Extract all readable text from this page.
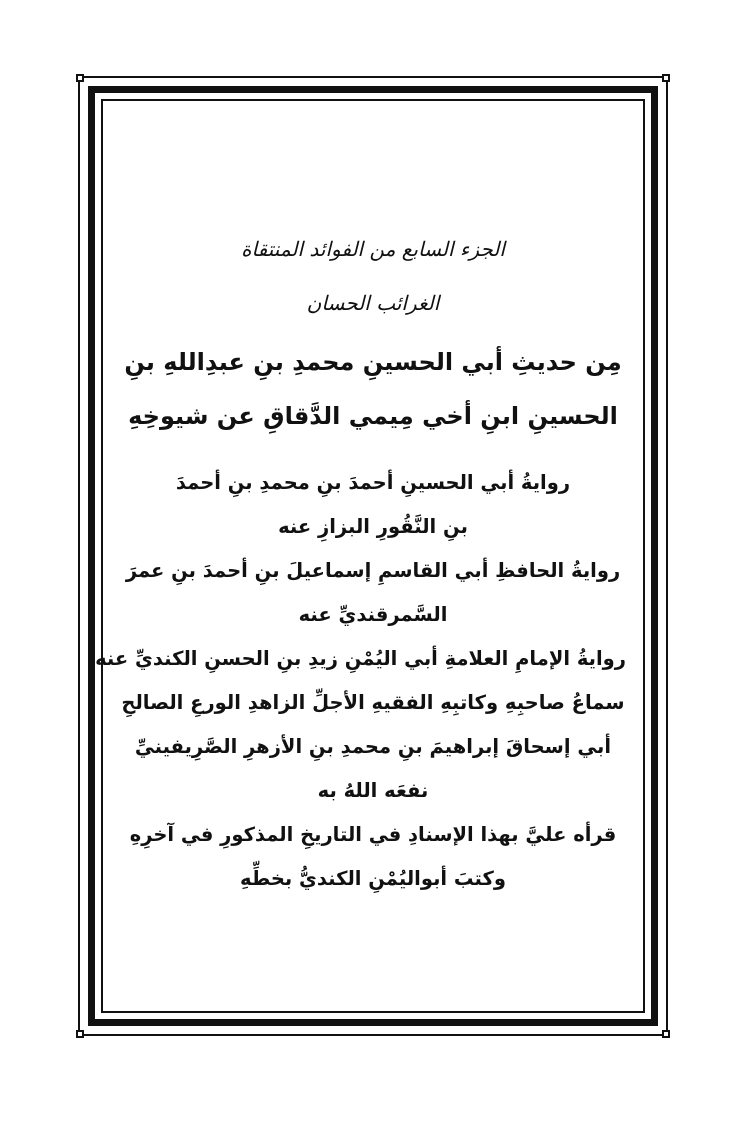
الجزء السابع من الفوائد المنتقاة
الغرائب الحسان
مِن حديثِ أبي الحسينِ محمدِ بنِ عبدِاللهِ بنِ
الحسينِ ابنِ أخي مِيمي الدَّقاقِ عن شيوخِهِ
روايةُ أبي الحسينِ أحمدَ بنِ محمدِ بنِ أحمدَ
بنِ النَّقُورِ البزازِ عنه
روايةُ الحافظِ أبي القاسمِ إسماعيلَ بنِ أحمدَ بنِ عمرَ
السَّمرقنديِّ عنه
روايةُ الإمامِ العلامةِ أبي اليُمْنِ زيدِ بنِ الحسنِ الكنديِّ عنه
سماعُ صاحبِهِ وكاتبِهِ الفقيهِ الأجلِّ الزاهدِ الورعِ الصالحِ
أبي إسحاقَ إبراهيمَ بنِ محمدِ بنِ الأزهرِ الصَّرِيفينيِّ
نفعَه اللهُ به
قرأه عليَّ بهذا الإسنادِ في التاريخِ المذكورِ في آخرِهِ
وكتبَ أبواليُمْنِ الكنديُّ بخطِّهِ
